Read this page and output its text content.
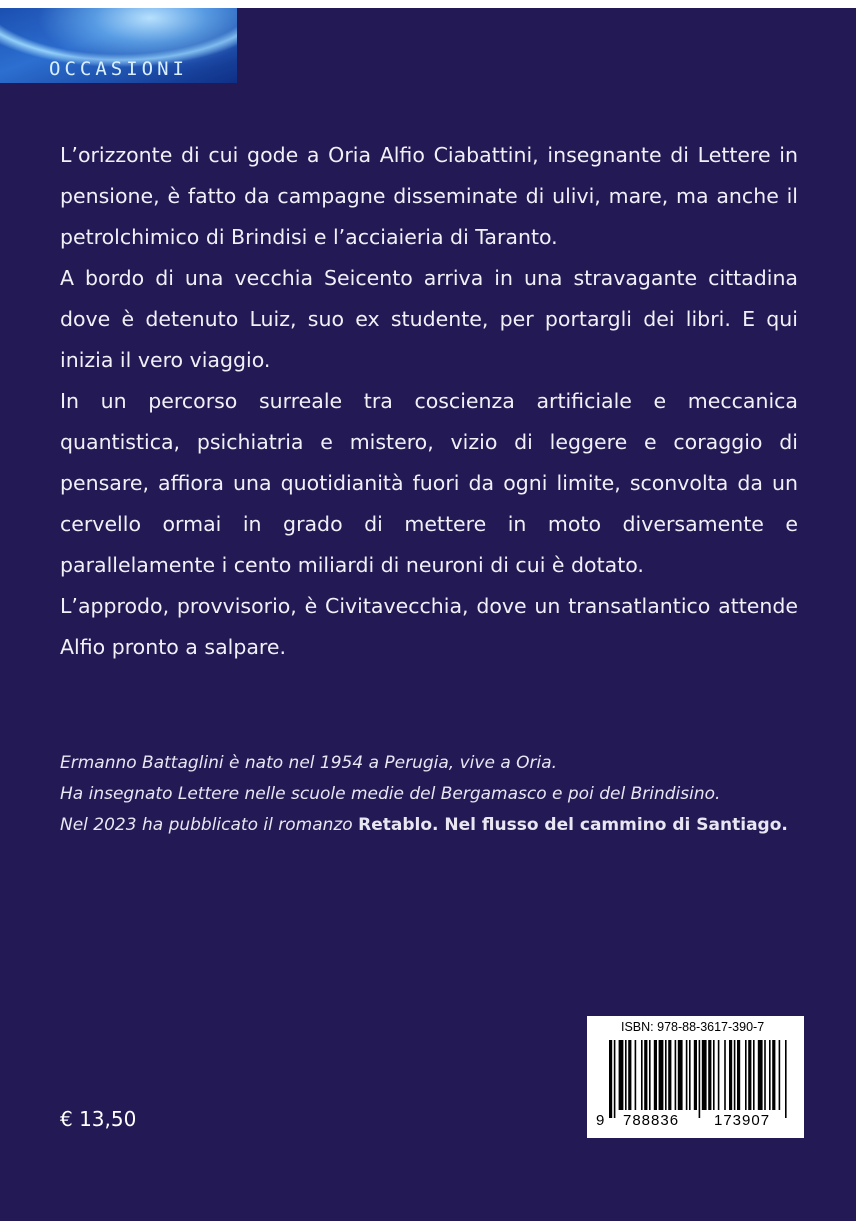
OCCASIONI

L’orizzonte di cui gode a Oria Alfio Ciabattini, insegnante di Lettere in pensione, è fatto da campagne disseminate di ulivi, mare, ma anche il petrolchimico di Brindisi e l’acciaieria di Taranto.

A bordo di una vecchia Seicento arriva in una stravagante cittadina dove è detenuto Luiz, suo ex studente, per portargli dei libri. E qui inizia il vero viaggio.

In un percorso surreale tra coscienza artificiale e meccanica quantistica, psichiatria e mistero, vizio di leggere e coraggio di pensare, affiora una quotidianità fuori da ogni limite, sconvolta da un cervello ormai in grado di mettere in moto diversamente e parallelamente i cento miliardi di neuroni di cui è dotato.

L’approdo, provvisorio, è Civitavecchia, dove un transatlantico attende Alfio pronto a salpare.

Ermanno Battaglini è nato nel 1954 a Perugia, vive a Oria.

Ha insegnato Lettere nelle scuole medie del Bergamasco e poi del Brindisino.

Nel 2023 ha pubblicato il romanzo Retablo. Nel flusso del cammino di Santiago.

€ 13,50
ISBN: 978-88-3617-390-7
9 788836 173907
